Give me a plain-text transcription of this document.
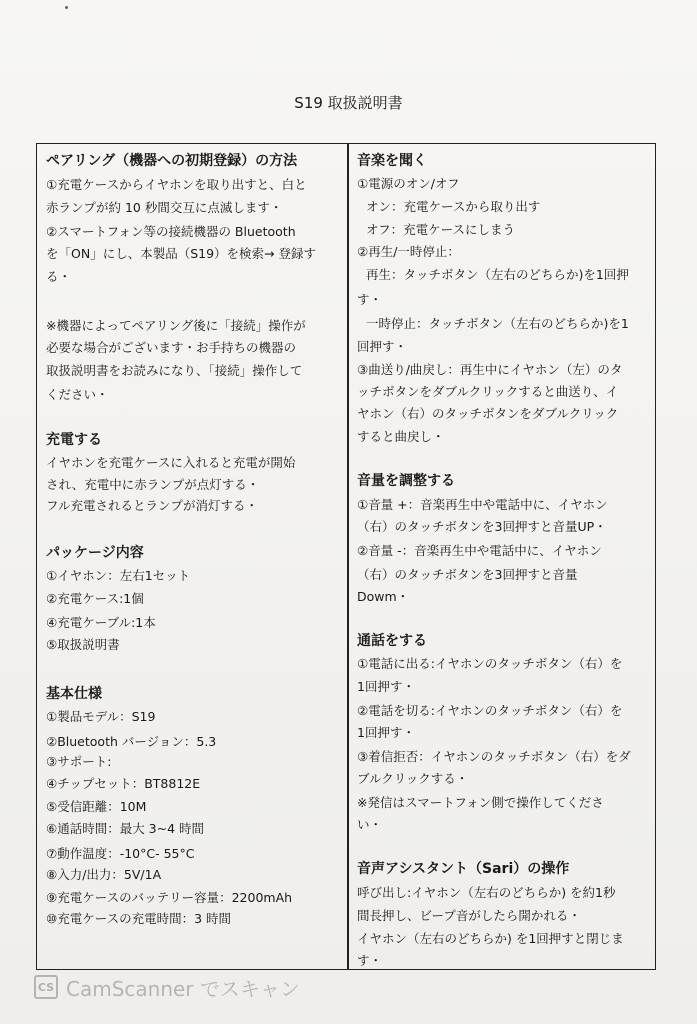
S19 取扱説明書
ペアリング（機器への初期登録）の方法
①充電ケースからイヤホンを取り出すと、白と
赤ランプが約 10 秒間交互に点滅します・
②スマートフォン等の接続機器の Bluetooth
を「ON」にし、本製品（S19）を検索→ 登録す
る・
※機器によってペアリング後に「接続」操作が
必要な場合がございます・お手持ちの機器の
取扱説明書をお読みになり、「接続」操作して
ください・
充電する
イヤホンを充電ケースに入れると充電が開始
され、充電中に赤ランプが点灯する・
フル充電されるとランプが消灯する・
パッケージ内容
①イヤホン：左右1セット
②充電ケース:1個
④充電ケーブル:1本
⑤取扱説明書
基本仕様
①製品モデル：S19
②Bluetooth バージョン：5.3
③サポート:
④チップセット：BT8812E
⑤受信距離：10M
⑥通話時間：最大 3~4 時間
⑦動作温度：-10°C- 55°C
⑧入力/出力：5V/1A
⑨充電ケースのバッテリー容量：2200mAh
⑩充電ケースの充電時間：3 時間
音楽を聞く
①電源のオン/オフ
オン：充電ケースから取り出す
オフ：充電ケースにしまう
②再生/一時停止：
再生：タッチボタン（左右のどちらか)を1回押
す・
一時停止：タッチボタン（左右のどちらか)を1
回押す・
③曲送り/曲戻し：再生中にイヤホン（左）のタ
ッチボタンをダブルクリックすると曲送り、イ
ヤホン（右）のタッチボタンをダブルクリック
すると曲戻し・
音量を調整する
①音量 +：音楽再生中や電話中に、イヤホン
（右）のタッチボタンを3回押すと音量UP・
②音量 -：音楽再生中や電話中に、イヤホン
（右）のタッチボタンを3回押すと音量
Dowm・
通話をする
①電話に出る:イヤホンのタッチボタン（右）を
1回押す・
②電話を切る:イヤホンのタッチボタン（右）を
1回押す・
③着信拒否：イヤホンのタッチボタン（右）をダ
ブルクリックする・
※発信はスマートフォン側で操作してくださ
い・
音声アシスタント（Sari）の操作
呼び出し:イヤホン（左右のどちらか) を約1秒
間長押し、ビープ音がしたら開かれる・
イヤホン（左右のどちらか) を1回押すと閉じま
す・
CS CamScanner でスキャン
